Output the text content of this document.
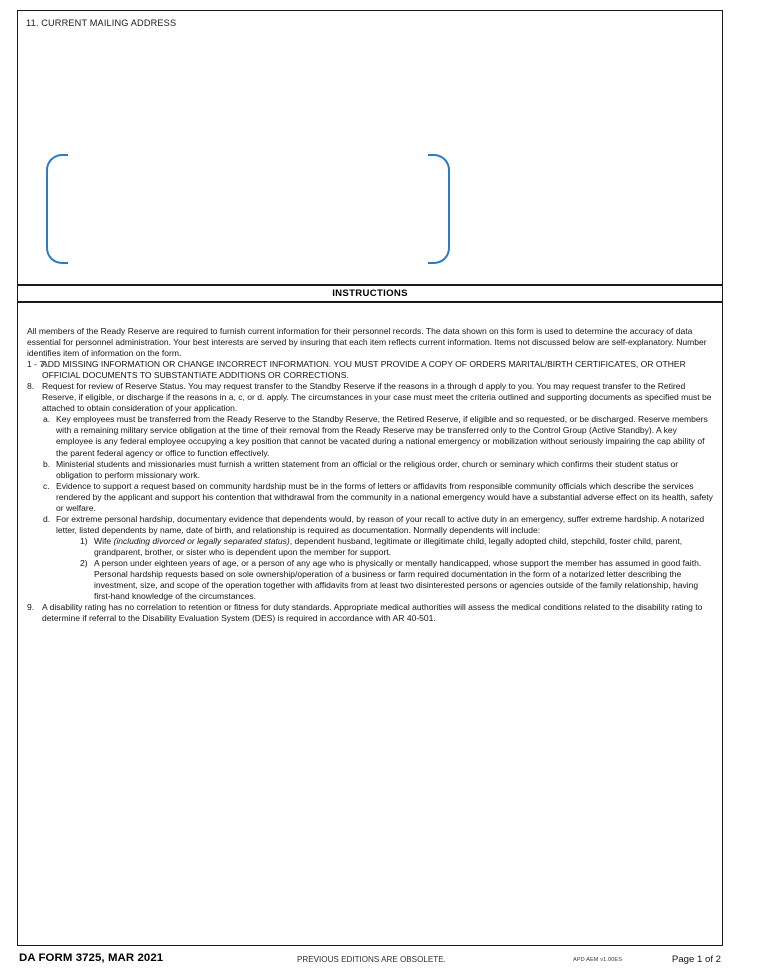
11. CURRENT MAILING ADDRESS
INSTRUCTIONS

All members of the Ready Reserve are required to furnish current information for their personnel records. The data shown on this form is used to determine the accuracy of data essential for personnel administration. Your best interests are served by insuring that each item reflects current information. Items not discussed below are self-explanatory. Number identifies item of information on the form.

1 - 7.
ADD MISSING INFORMATION OR CHANGE INCORRECT INFORMATION. YOU MUST PROVIDE A COPY OF ORDERS MARITAL/BIRTH CERTIFICATES, OR OTHER OFFICIAL DOCUMENTS TO SUBSTANTIATE ADDITIONS OR CORRECTIONS.
8. Request for review of Reserve Status. You may request transfer to the Standby Reserve if the reasons in a through d apply to you. You may request transfer to the Retired Reserve, if eligible, or discharge if the reasons in a, c, or d. apply. The circumstances in your case must meet the criteria outlined and supporting documents as specified must be attached to obtain consideration of your application.
a. Key employees must be transferred from the Ready Reserve to the Standby Reserve, the Retired Reserve, if eligible and so requested, or be discharged. Reserve members with a remaining military service obligation at the time of their removal from the Ready Reserve may be transferred only to the Control Group (Active Standby). A key employee is any federal employee occupying a key position that cannot be vacated during a national emergency or mobilization without seriously impairing the cap ability of the parent federal agency or office to function effectively.
b. Ministerial students and missionaries must furnish a written statement from an official or the religious order, church or seminary which confirms their student status or obligation to perform missionary work.
c. Evidence to support a request based on community hardship must be in the forms of letters or affidavits from responsible community officials which describe the services rendered by the applicant and support his contention that withdrawal from the community in a national emergency would have a substantial adverse effect on its health, safety or welfare.
d. For extreme personal hardship, documentary evidence that dependents would, by reason of your recall to active duty in an emergency, suffer extreme hardship. A notarized letter, listed dependents by name, date of birth, and relationship is required as documentation. Normally dependents will include:
1) Wife (including divorced or legally separated status), dependent husband, legitimate or illegitimate child, legally adopted child, stepchild, foster child, parent, grandparent, brother, or sister who is dependent upon the member for support.
2) A person under eighteen years of age, or a person of any age who is physically or mentally handicapped, whose support the member has assumed in good faith. Personal hardship requests based on sole ownership/operation of a business or farm required documentation in the form of a notarized letter describing the investment, size, and scope of the operation together with affidavits from at least two disinterested persons or agencies outside of the family relationship, having first-hand knowledge of the circumstances.
9. A disability rating has no correlation to retention or fitness for duty standards. Appropriate medical authorities will assess the medical conditions related to the disability rating to determine if referral to the Disability Evaluation System (DES) is required in accordance with AR 40-501.
DA FORM 3725, MAR 2021	PREVIOUS EDITIONS ARE OBSOLETE.	APD AEM v1.00ES	Page 1 of 2
